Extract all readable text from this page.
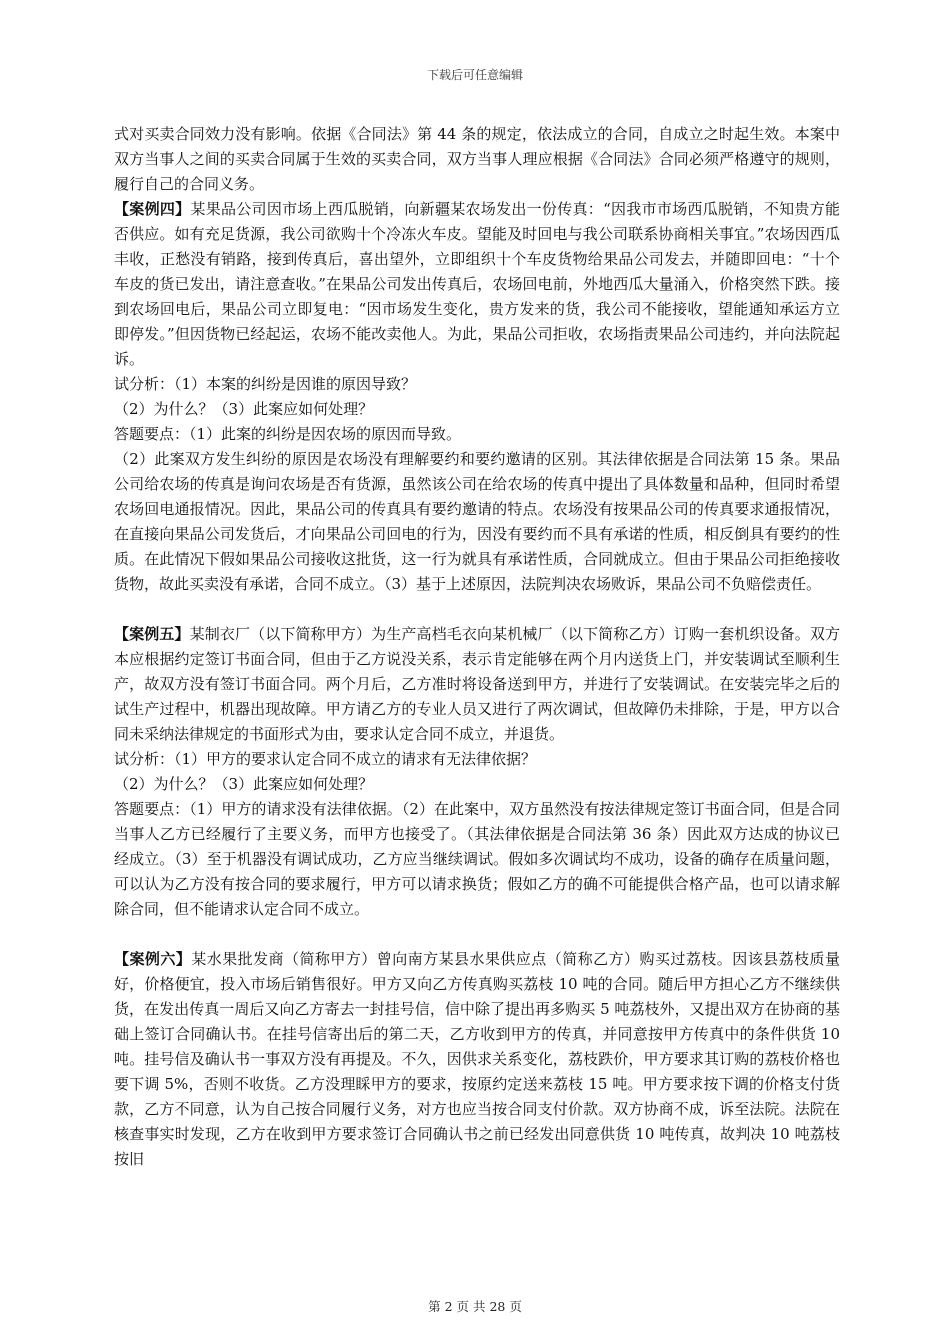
下载后可任意编辑

式对买卖合同效力没有影响。依据《合同法》第 44 条的规定，依法成立的合同，自成立之时起生效。本案中双方当事人之间的买卖合同属于生效的买卖合同，双方当事人理应根据《合同法》合同必须严格遵守的规则，履行自己的合同义务。

【案例四】某果品公司因市场上西瓜脱销，向新疆某农场发出一份传真：“因我市市场西瓜脱销，不知贵方能否供应。如有充足货源，我公司欲购十个冷冻火车皮。望能及时回电与我公司联系协商相关事宜。”农场因西瓜丰收，正愁没有销路，接到传真后，喜出望外，立即组织十个车皮货物给果品公司发去，并随即回电：“十个车皮的货已发出，请注意查收。”在果品公司发出传真后，农场回电前，外地西瓜大量涌入，价格突然下跌。接到农场回电后，果品公司立即复电：“因市场发生变化，贵方发来的货，我公司不能接收，望能通知承运方立即停发。”但因货物已经起运，农场不能改卖他人。为此，果品公司拒收，农场指责果品公司违约，并向法院起诉。

试分析：（1）本案的纠纷是因谁的原因导致？

（2）为什么？（3）此案应如何处理？

答题要点：（1）此案的纠纷是因农场的原因而导致。

（2）此案双方发生纠纷的原因是农场没有理解要约和要约邀请的区别。其法律依据是合同法第 15 条。果品公司给农场的传真是询问农场是否有货源，虽然该公司在给农场的传真中提出了具体数量和品种，但同时希望农场回电通报情况。因此，果品公司的传真具有要约邀请的特点。农场没有按果品公司的传真要求通报情况，在直接向果品公司发货后，才向果品公司回电的行为，因没有要约而不具有承诺的性质，相反倒具有要约的性质。在此情况下假如果品公司接收这批货，这一行为就具有承诺性质，合同就成立。但由于果品公司拒绝接收货物，故此买卖没有承诺，合同不成立。（3）基于上述原因，法院判决农场败诉，果品公司不负赔偿责任。

【案例五】某制衣厂（以下简称甲方）为生产高档毛衣向某机械厂（以下简称乙方）订购一套机织设备。双方本应根据约定签订书面合同，但由于乙方说没关系，表示肯定能够在两个月内送货上门，并安装调试至顺利生产，故双方没有签订书面合同。两个月后，乙方准时将设备送到甲方，并进行了安装调试。在安装完毕之后的试生产过程中，机器出现故障。甲方请乙方的专业人员又进行了两次调试，但故障仍未排除，于是，甲方以合同未采纳法律规定的书面形式为由，要求认定合同不成立，并退货。

试分析：（1）甲方的要求认定合同不成立的请求有无法律依据？

（2）为什么？（3）此案应如何处理？

答题要点：（1）甲方的请求没有法律依据。（2）在此案中，双方虽然没有按法律规定签订书面合同，但是合同当事人乙方已经履行了主要义务，而甲方也接受了。（其法律依据是合同法第 36 条）因此双方达成的协议已经成立。（3）至于机器没有调试成功，乙方应当继续调试。假如多次调试均不成功，设备的确存在质量问题，可以认为乙方没有按合同的要求履行，甲方可以请求换货；假如乙方的确不可能提供合格产品，也可以请求解除合同，但不能请求认定合同不成立。

【案例六】某水果批发商（简称甲方）曾向南方某县水果供应点（简称乙方）购买过荔枝。因该县荔枝质量好，价格便宜，投入市场后销售很好。甲方又向乙方传真购买荔枝 10 吨的合同。随后甲方担心乙方不继续供货，在发出传真一周后又向乙方寄去一封挂号信，信中除了提出再多购买 5 吨荔枝外，又提出双方在协商的基础上签订合同确认书。在挂号信寄出后的第二天，乙方收到甲方的传真，并同意按甲方传真中的条件供货 10 吨。挂号信及确认书一事双方没有再提及。不久，因供求关系变化，荔枝跌价，甲方要求其订购的荔枝价格也要下调 5%，否则不收货。乙方没理睬甲方的要求，按原约定送来荔枝 15 吨。甲方要求按下调的价格支付货款，乙方不同意，认为自己按合同履行义务，对方也应当按合同支付价款。双方协商不成，诉至法院。法院在核查事实时发现，乙方在收到甲方要求签订合同确认书之前已经发出同意供货 10 吨传真，故判决 10 吨荔枝按旧

第 2 页 共 28 页
